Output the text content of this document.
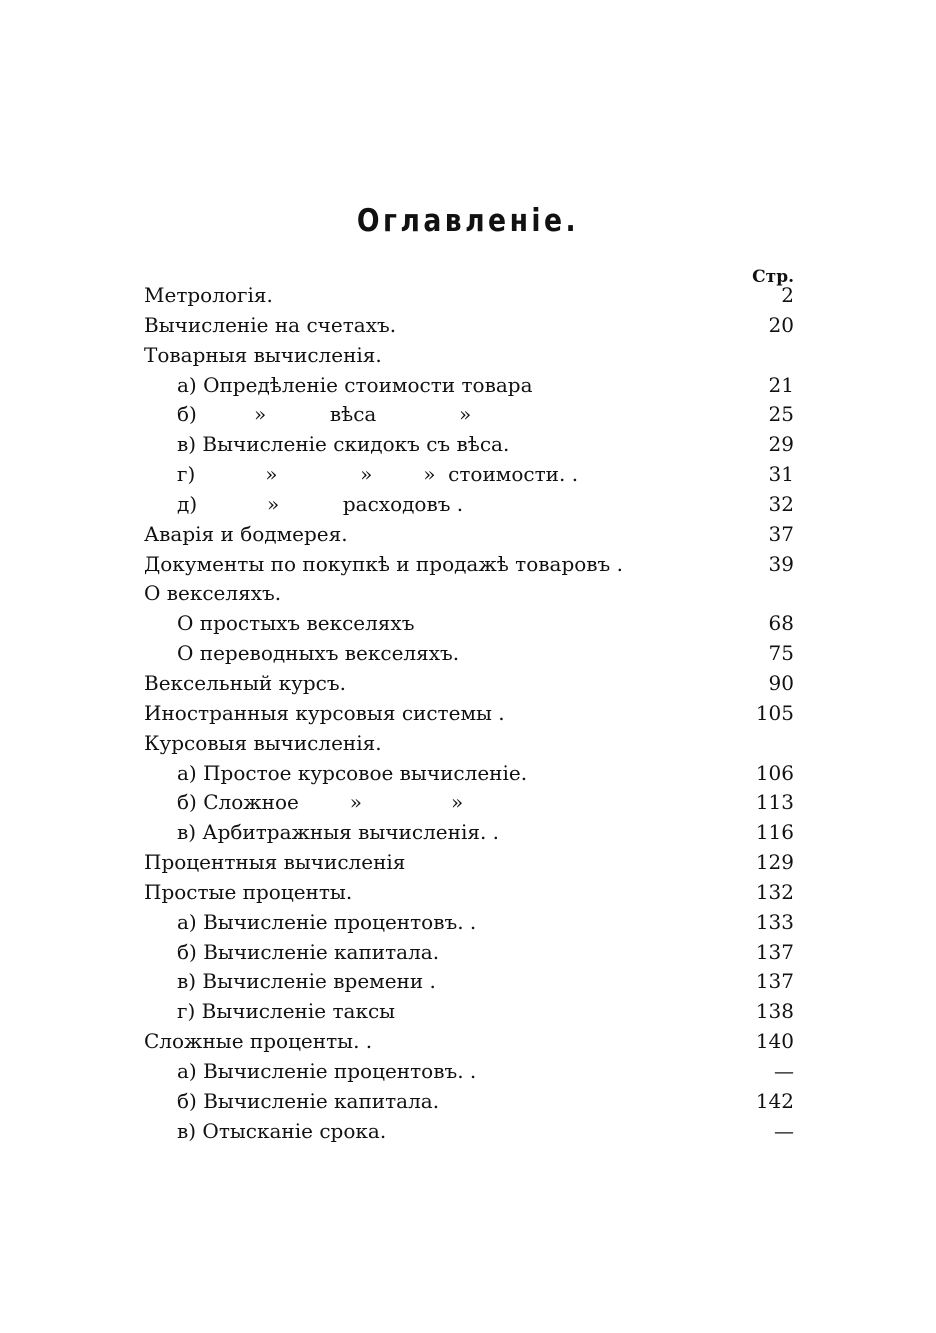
Оглавленіе.
Стр.
Метрологія.	2
Вычисленіе на счетахъ.	20
Товарныя вычисленія.
а) Опредѣленіе стоимости товара	21
б)         »          вѣса             »	25
в) Вычисленіе скидокъ съ вѣса.	29
г)           »             »        »  стоимости. .	31
д)           »          расходовъ .	32
Аварія и бодмерея.	37
Документы по покупкѣ и продажѣ товаровъ .	39
О векселяхъ.
О простыхъ векселяхъ	68
О переводныхъ векселяхъ.	75
Вексельный курсъ.	90
Иностранныя курсовыя системы .	105
Курсовыя вычисленія.
а) Простое курсовое вычисленіе.	106
б) Сложное        »              »	113
в) Арбитражныя вычисленія. .	116
Процентныя вычисленія	129
Простые проценты.	132
а) Вычисленіе процентовъ. .	133
б) Вычисленіе капитала.	137
в) Вычисленіе времени .	137
г) Вычисленіе таксы	138
Сложные проценты. .	140
а) Вычисленіе процентовъ. .	—
б) Вычисленіе капитала.	142
в) Отысканіе срока.	—
